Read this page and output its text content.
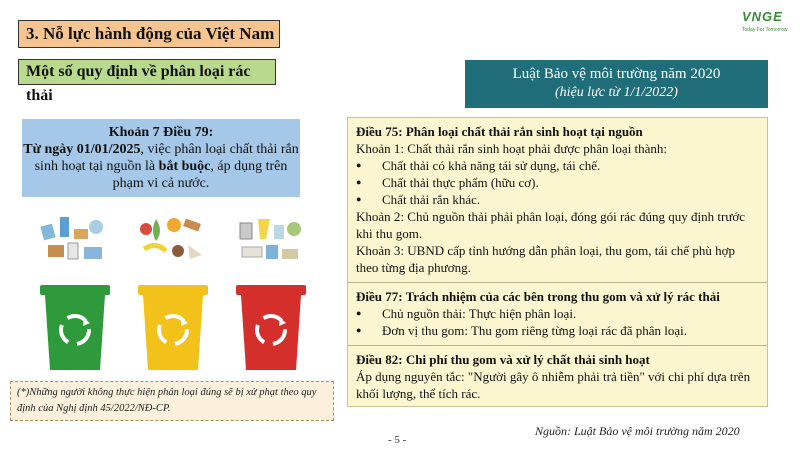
3. Nỗ lực hành động của Việt Nam
Một số quy định về phân loại rác thải
VNGE
Today For Tomorrow
Luật Bảo vệ môi trường năm 2020
(hiệu lực từ 1/1/2022)
Khoản 7 Điều 79:
Từ ngày 01/01/2025, việc phân loại chất thải rắn sinh hoạt tại nguồn là bắt buộc, áp dụng trên phạm vi cả nước.
(*)Những người không thực hiện phân loại đúng sẽ bị xử phạt theo quy định của Nghị định 45/2022/NĐ-CP.
Điều 75: Phân loại chất thải rắn sinh hoạt tại nguồn
Khoản 1: Chất thải rắn sinh hoạt phải được phân loại thành:
● Chất thải có khả năng tái sử dụng, tái chế.
● Chất thải thực phẩm (hữu cơ).
● Chất thải rắn khác.
Khoản 2: Chủ nguồn thải phải phân loại, đóng gói rác đúng quy định trước khi thu gom.
Khoản 3: UBND cấp tỉnh hướng dẫn phân loại, thu gom, tái chế phù hợp theo từng địa phương.
Điều 77: Trách nhiệm của các bên trong thu gom và xử lý rác thải
● Chủ nguồn thải: Thực hiện phân loại.
● Đơn vị thu gom: Thu gom riêng từng loại rác đã phân loại.
Điều 82: Chi phí thu gom và xử lý chất thải sinh hoạt
Áp dụng nguyên tắc: "Người gây ô nhiễm phải trả tiền" với chi phí dựa trên khối lượng, thể tích rác.
Nguồn: Luật Bảo vệ môi trường năm 2020
- 5 -
